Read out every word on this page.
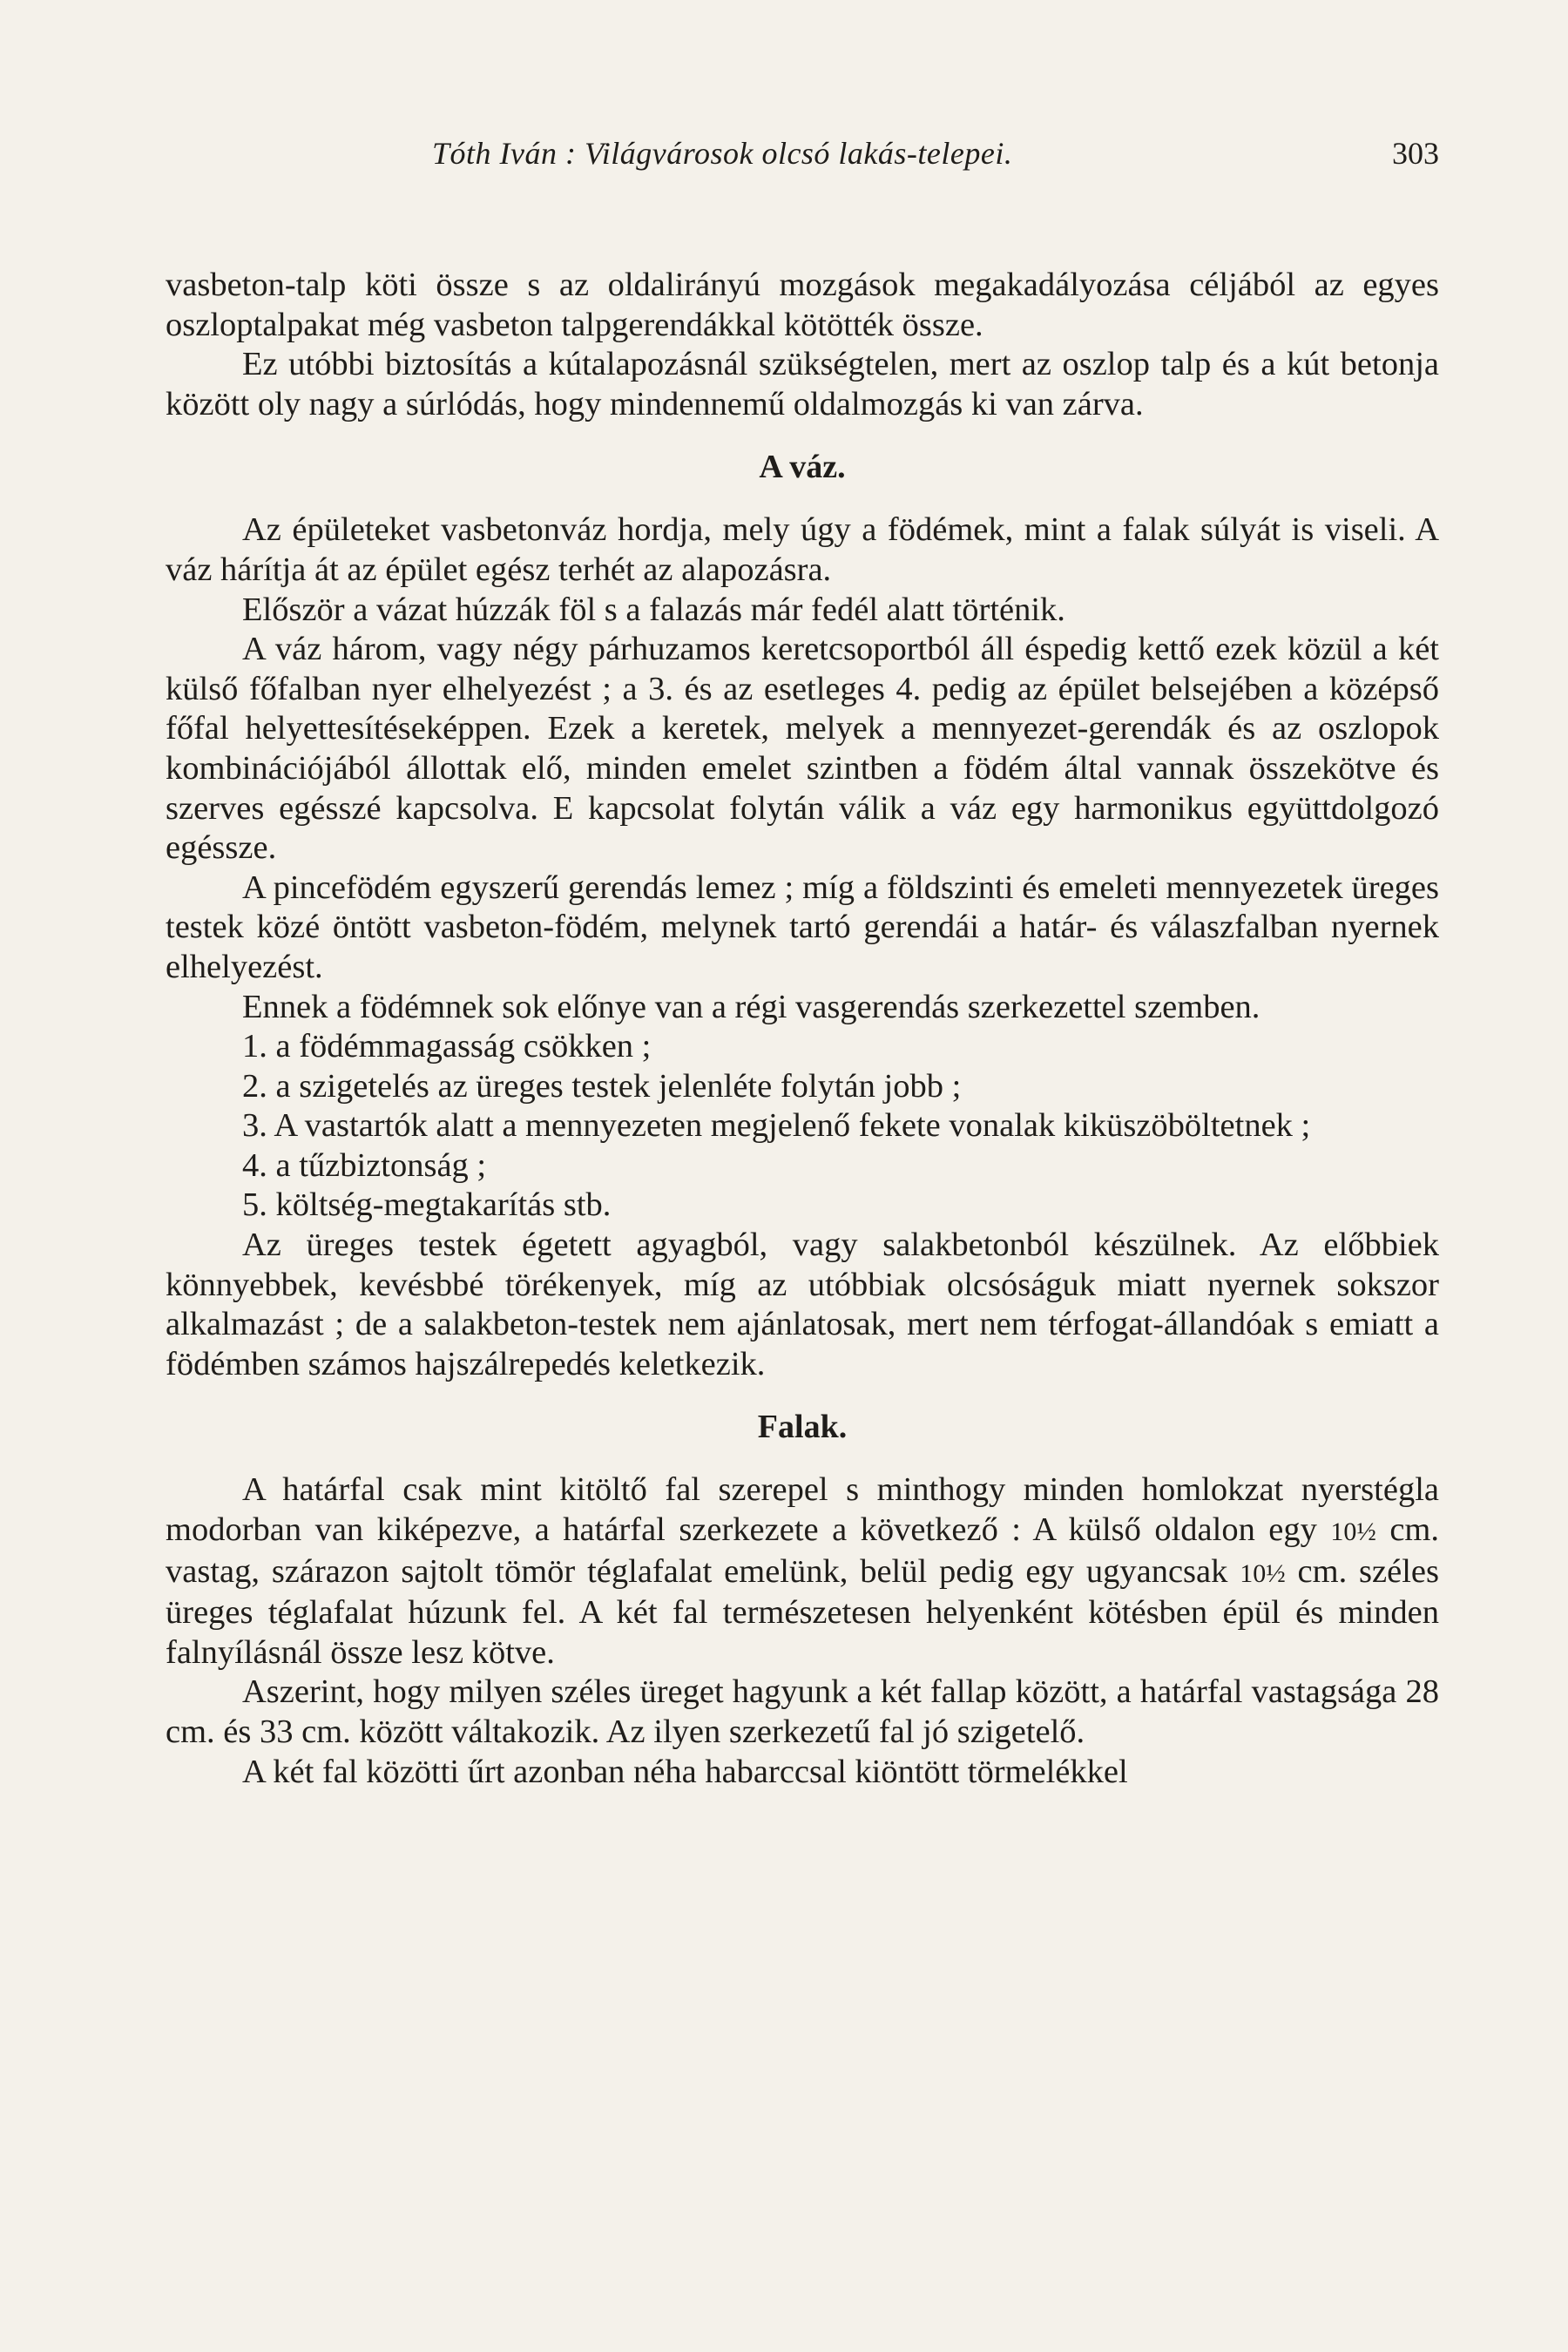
Tóth Iván : Világvárosok olcsó lakás-telepei.	303

vasbeton-talp köti össze s az oldalirányú mozgások megakadályozása céljából az egyes oszloptalpakat még vasbeton talpgerendákkal kötötték össze.

Ez utóbbi biztosítás a kútalapozásnál szükségtelen, mert az oszlop talp és a kút betonja között oly nagy a súrlódás, hogy mindennemű oldalmozgás ki van zárva.

A váz.

Az épületeket vasbetonváz hordja, mely úgy a födémek, mint a falak súlyát is viseli. A váz hárítja át az épület egész terhét az alapozásra.

Először a vázat húzzák föl s a falazás már fedél alatt történik.

A váz három, vagy négy párhuzamos keretcsoportból áll éspedig kettő ezek közül a két külső főfalban nyer elhelyezést ; a 3. és az esetleges 4. pedig az épület belsejében a középső főfal helyettesítéseképpen. Ezek a keretek, melyek a mennyezet-gerendák és az oszlopok kombinációjából állottak elő, minden emelet szintben a födém által vannak összekötve és szerves egésszé kapcsolva. E kapcsolat folytán válik a váz egy harmonikus együttdolgozó egéssze.

A pincefödém egyszerű gerendás lemez ; míg a földszinti és emeleti mennyezetek üreges testek közé öntött vasbeton-födém, melynek tartó gerendái a határ- és válaszfalban nyernek elhelyezést.

Ennek a födémnek sok előnye van a régi vasgerendás szerkezettel szemben.

1. a födémmagasság csökken ;

2. a szigetelés az üreges testek jelenléte folytán jobb ;

3. A vastartók alatt a mennyezeten megjelenő fekete vonalak kiküszöböltetnek ;

4. a tűzbiztonság ;

5. költség-megtakarítás stb.

Az üreges testek égetett agyagból, vagy salakbetonból készülnek. Az előbbiek könnyebbek, kevésbbé törékenyek, míg az utóbbiak olcsóságuk miatt nyernek sokszor alkalmazást ; de a salakbeton-testek nem ajánlatosak, mert nem térfogat-állandóak s emiatt a födémben számos hajszálrepedés keletkezik.

Falak.

A határfal csak mint kitöltő fal szerepel s minthogy minden homlokzat nyerstégla modorban van kiképezve, a határfal szerkezete a következő : A külső oldalon egy 10½ cm. vastag, szárazon sajtolt tömör téglafalat emelünk, belül pedig egy ugyancsak 10½ cm. széles üreges téglafalat húzunk fel. A két fal természetesen helyenként kötésben épül és minden falnyílásnál össze lesz kötve.

Aszerint, hogy milyen széles üreget hagyunk a két fallap között, a határfal vastagsága 28 cm. és 33 cm. között váltakozik. Az ilyen szerkezetű fal jó szigetelő.

A két fal közötti űrt azonban néha habarccsal kiöntött törmelékkel
